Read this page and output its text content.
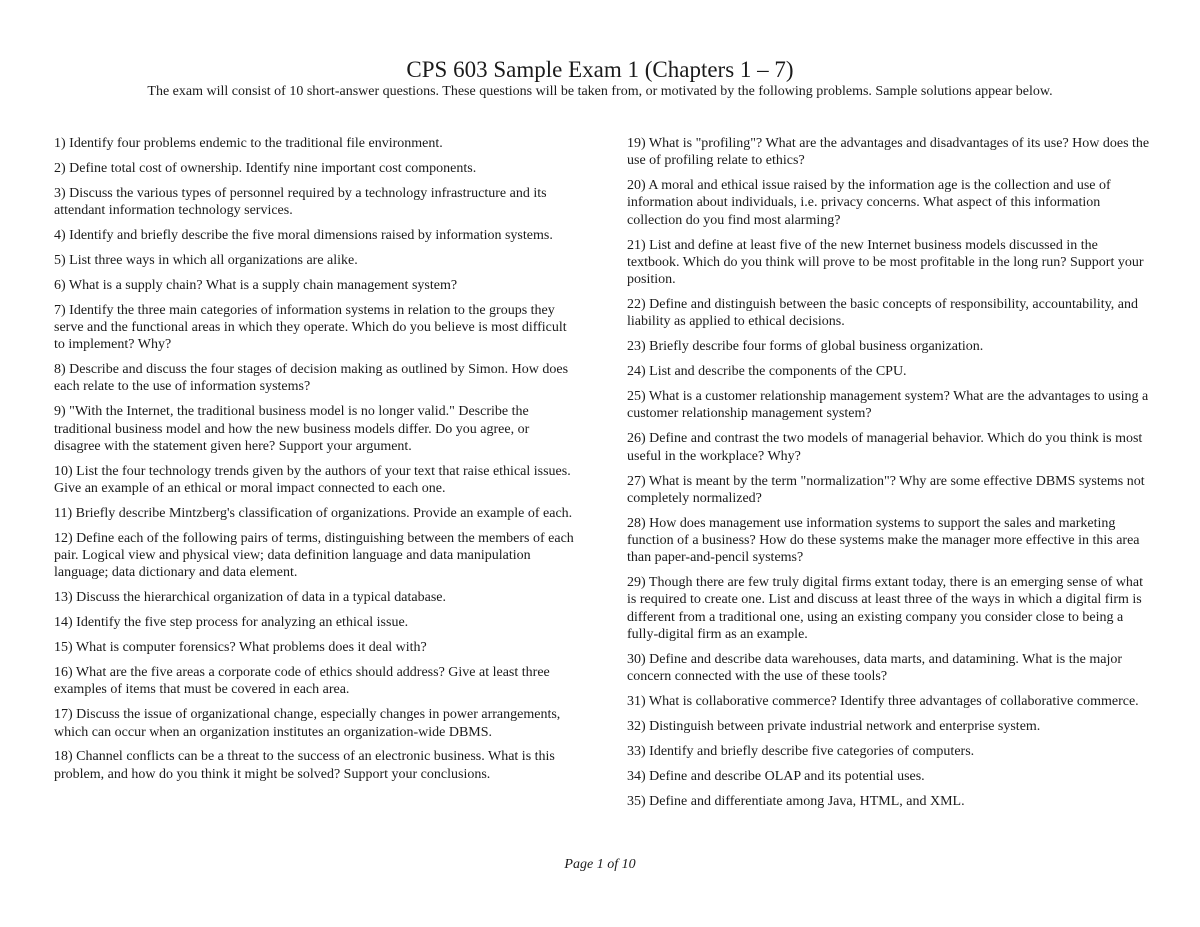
CPS 603 Sample Exam 1 (Chapters 1 – 7)

The exam will consist of 10 short-answer questions. These questions will be taken from, or motivated by the following problems. Sample solutions appear below.

1) Identify four problems endemic to the traditional file environment.
2) Define total cost of ownership. Identify nine important cost components.
3) Discuss the various types of personnel required by a technology infrastructure and its attendant information technology services.
4) Identify and briefly describe the five moral dimensions raised by information systems.
5) List three ways in which all organizations are alike.
6) What is a supply chain? What is a supply chain management system?
7) Identify the three main categories of information systems in relation to the groups they serve and the functional areas in which they operate. Which do you believe is most difficult to implement? Why?
8) Describe and discuss the four stages of decision making as outlined by Simon. How does each relate to the use of information systems?
9) "With the Internet, the traditional business model is no longer valid." Describe the traditional business model and how the new business models differ. Do you agree, or disagree with the statement given here? Support your argument.
10) List the four technology trends given by the authors of your text that raise ethical issues. Give an example of an ethical or moral impact connected to each one.
11) Briefly describe Mintzberg's classification of organizations. Provide an example of each.
12) Define each of the following pairs of terms, distinguishing between the members of each pair. Logical view and physical view; data definition language and data manipulation language; data dictionary and data element.
13) Discuss the hierarchical organization of data in a typical database.
14) Identify the five step process for analyzing an ethical issue.
15) What is computer forensics? What problems does it deal with?
16) What are the five areas a corporate code of ethics should address? Give at least three examples of items that must be covered in each area.
17) Discuss the issue of organizational change, especially changes in power arrangements, which can occur when an organization institutes an organization-wide DBMS.
18) Channel conflicts can be a threat to the success of an electronic business. What is this problem, and how do you think it might be solved? Support your conclusions.
19) What is "profiling"? What are the advantages and disadvantages of its use? How does the use of profiling relate to ethics?
20) A moral and ethical issue raised by the information age is the collection and use of information about individuals, i.e. privacy concerns. What aspect of this information collection do you find most alarming?
21) List and define at least five of the new Internet business models discussed in the textbook. Which do you think will prove to be most profitable in the long run? Support your position.
22) Define and distinguish between the basic concepts of responsibility, accountability, and liability as applied to ethical decisions.
23) Briefly describe four forms of global business organization.
24) List and describe the components of the CPU.
25) What is a customer relationship management system? What are the advantages to using a customer relationship management system?
26) Define and contrast the two models of managerial behavior. Which do you think is most useful in the workplace? Why?
27) What is meant by the term "normalization"? Why are some effective DBMS systems not completely normalized?
28) How does management use information systems to support the sales and marketing function of a business? How do these systems make the manager more effective in this area than paper-and-pencil systems?
29) Though there are few truly digital firms extant today, there is an emerging sense of what is required to create one. List and discuss at least three of the ways in which a digital firm is different from a traditional one, using an existing company you consider close to being a fully-digital firm as an example.
30) Define and describe data warehouses, data marts, and datamining. What is the major concern connected with the use of these tools?
31) What is collaborative commerce? Identify three advantages of collaborative commerce.
32) Distinguish between private industrial network and enterprise system.
33) Identify and briefly describe five categories of computers.
34) Define and describe OLAP and its potential uses.
35) Define and differentiate among Java, HTML, and XML.
Page 1 of 10
